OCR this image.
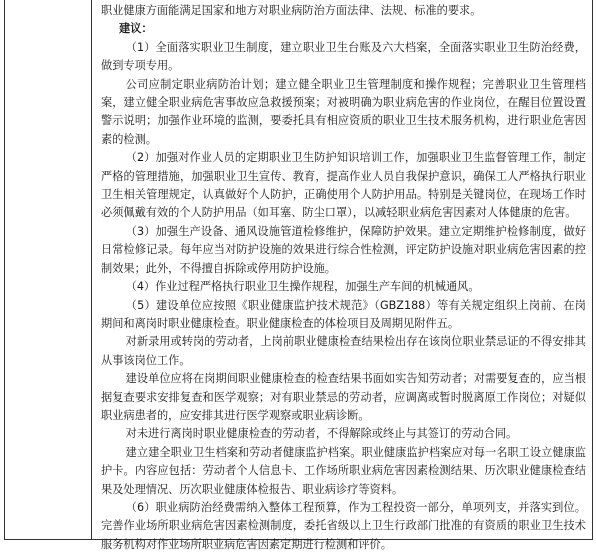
职业健康方面能满足国家和地方对职业病防治方面法律、法规、标准的要求。
建议：
（1）全面落实职业卫生制度，建立职业卫生台账及六大档案，全面落实职业卫生防治经费，做到专项专用。
公司应制定职业病防治计划；建立健全职业卫生管理制度和操作规程；完善职业卫生管理档案，建立健全职业病危害事故应急救援预案；对被明确为职业病危害的作业岗位，在醒目位置设置警示说明；加强作业环境的监测，要委托具有相应资质的职业卫生技术服务机构，进行职业危害因素的检测。
（2）加强对作业人员的定期职业卫生防护知识培训工作，加强职业卫生监督管理工作，制定严格的管理措施，加强职业卫生宣传、教育，提高作业人员自我保护意识，确保工人严格执行职业卫生相关管理规定，认真做好个人防护，正确使用个人防护用品。特别是关键岗位，在现场工作时必须佩戴有效的个人防护用品（如耳塞、防尘口罩），以减轻职业病危害因素对人体健康的危害。
（3）加强生产设备、通风设施管道检修维护，保障防护效果。建立定期维护检修制度，做好日常检修记录。每年应当对防护设施的效果进行综合性检测，评定防护设施对职业病危害因素的控制效果；此外，不得擅自拆除或停用防护设施。
（4）作业过程严格执行职业卫生操作规程，加强生产车间的机械通风。
（5）建设单位应按照《职业健康监护技术规范》（GBZ188）等有关规定组织上岗前、在岗期间和离岗时职业健康检查。职业健康检查的体检项目及周期见附件五。
对新录用或转岗的劳动者，上岗前职业健康检查结果检出存在该岗位职业禁忌证的不得安排其从事该岗位工作。
建设单位应将在岗期间职业健康检查的检查结果书面如实告知劳动者；对需要复查的，应当根据复查要求安排复查和医学观察；对有职业禁忌的劳动者，应调离或暂时脱离原工作岗位；对疑似职业病患者的，应安排其进行医学观察或职业病诊断。
对未进行离岗时职业健康检查的劳动者，不得解除或终止与其签订的劳动合同。
建立建全职业卫生档案和劳动者健康监护档案。职业健康监护档案应对每一名职工设立健康监护卡。内容应包括：劳动者个人信息卡、工作场所职业病危害因素检测结果、历次职业健康检查结果及处理情况、历次职业健康体检报告、职业病诊疗等资料。
（6）职业病防治经费需纳入整体工程预算，作为工程投资一部分，单项列支，并落实到位。完善作业场所职业病危害因素检测制度，委托省级以上卫生行政部门批准的有资质的职业卫生技术服务机构对作业场所职业病危害因素定期进行检测和评价。
